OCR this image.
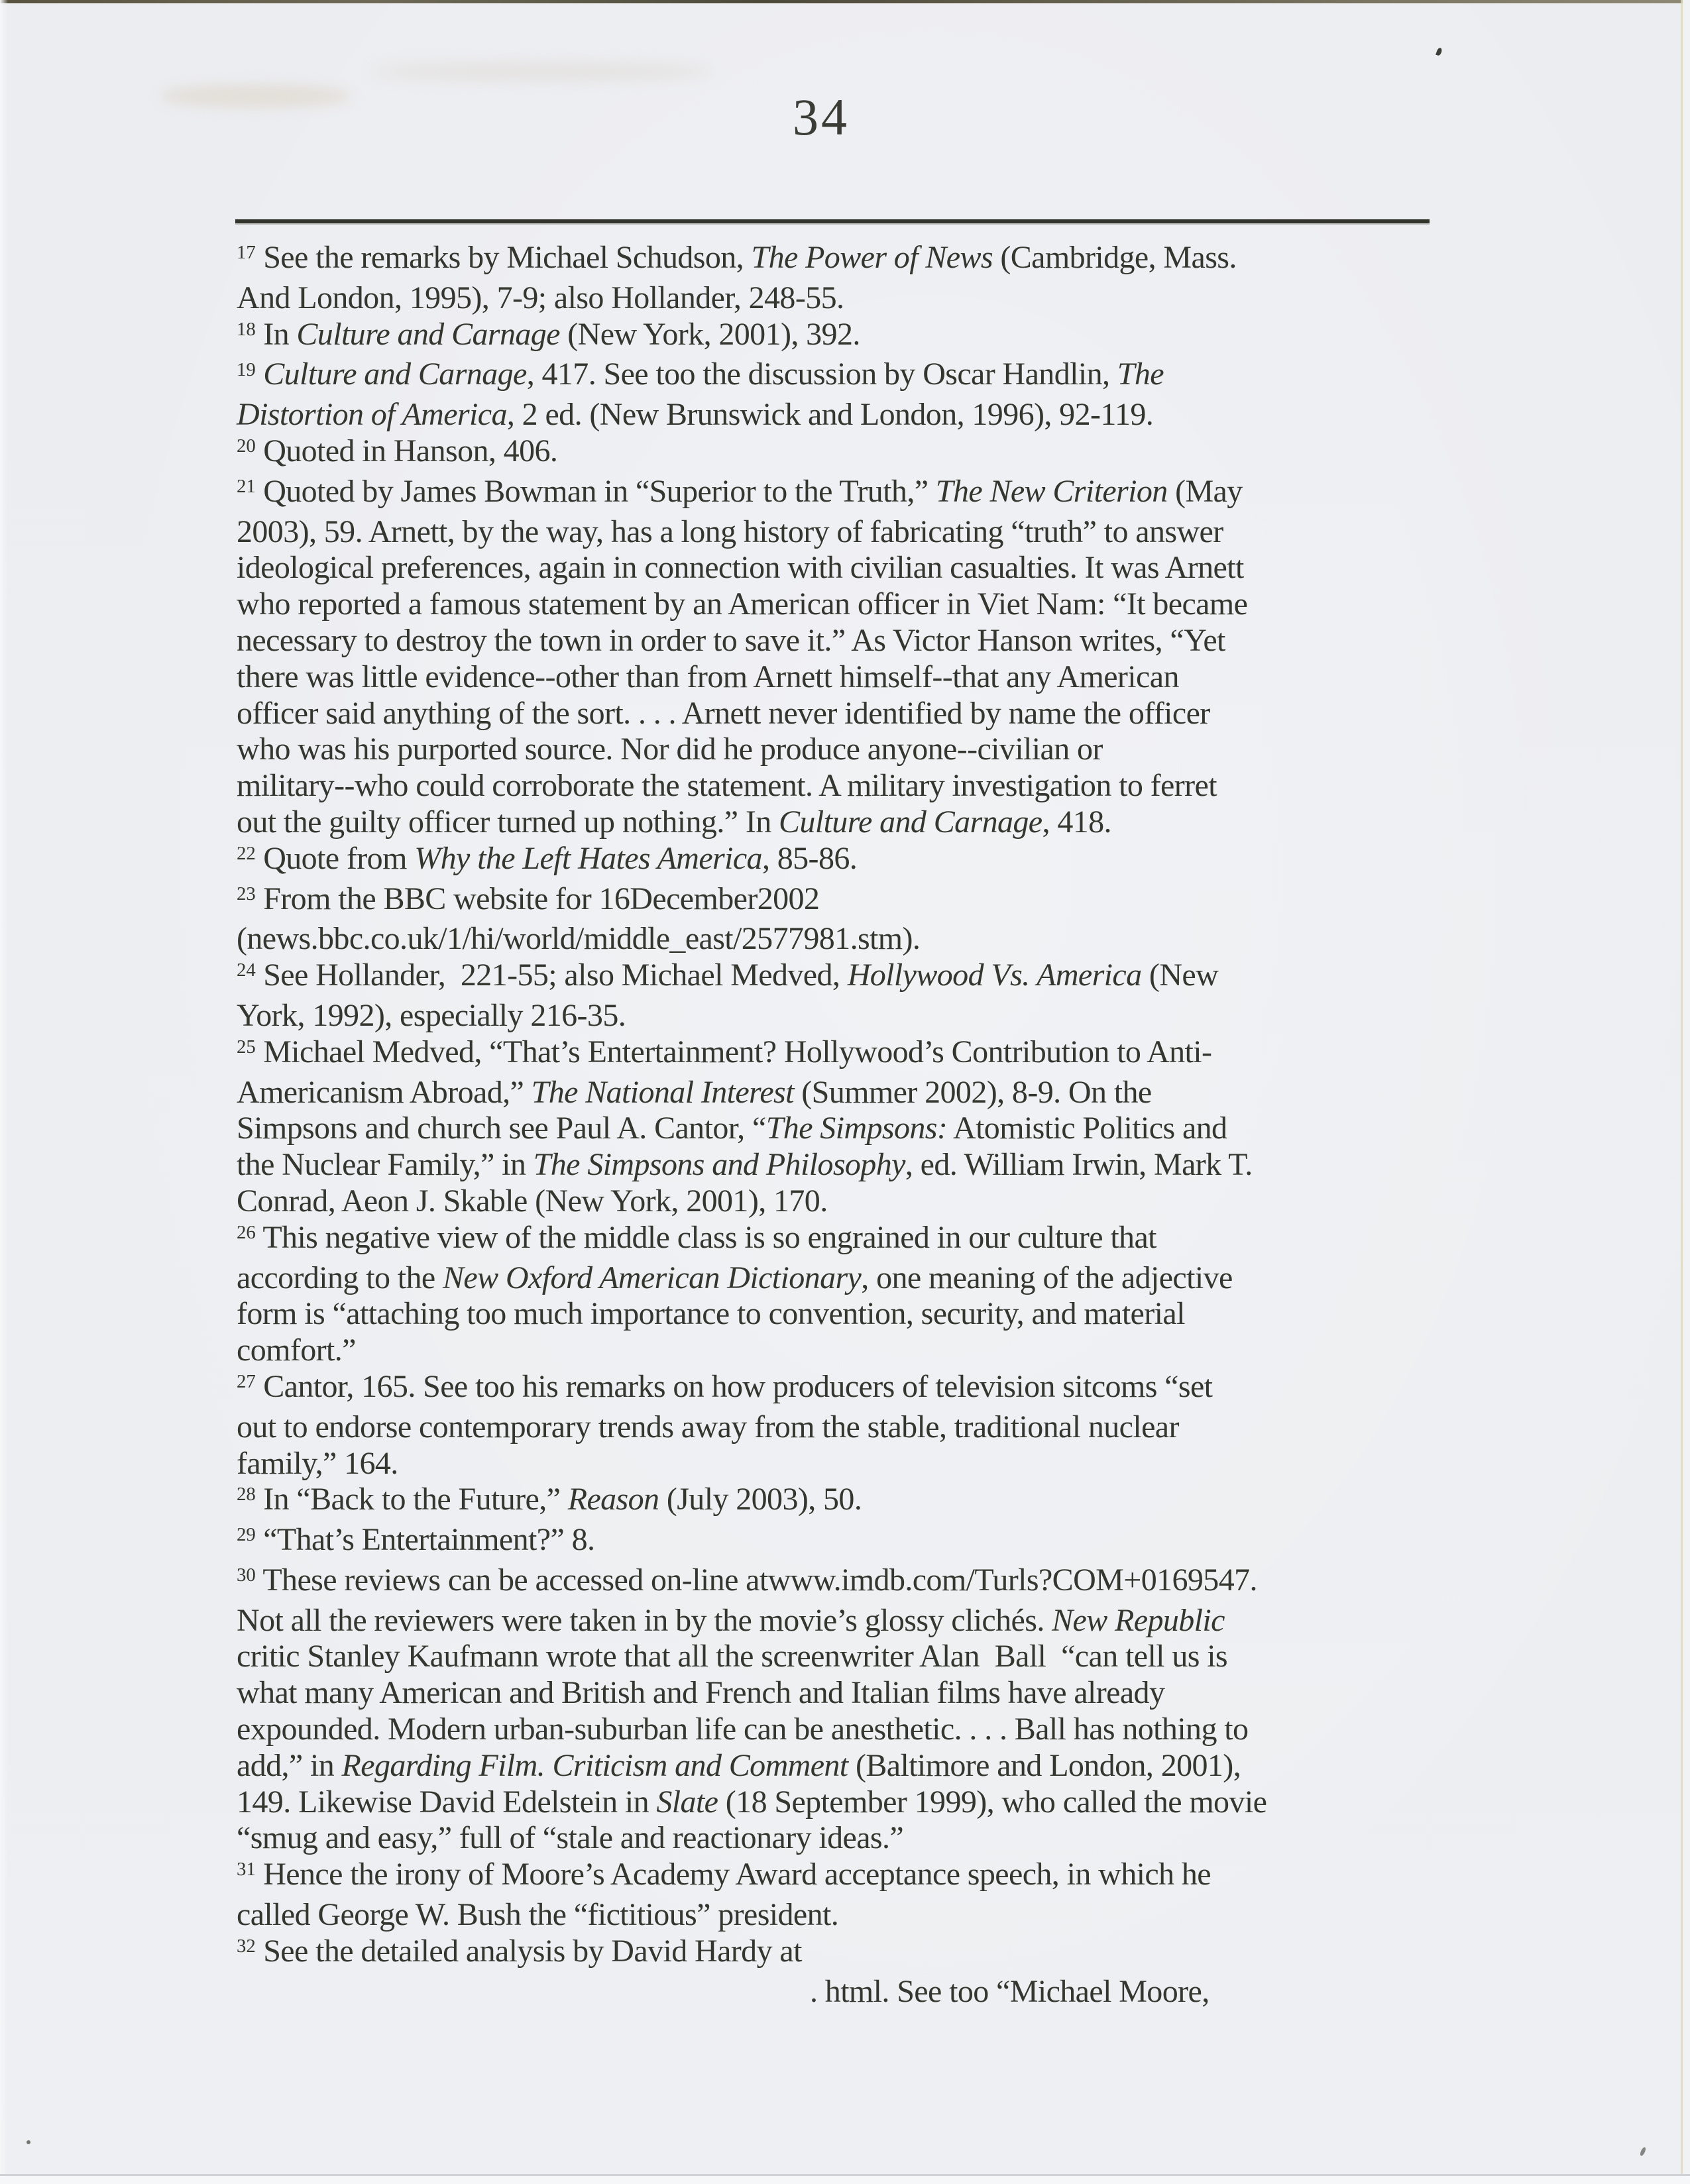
34
$^{17}$ See the remarks by Michael Schudson, The Power of News (Cambridge, Mass.
And London, 1995), 7-9; also Hollander, 248-55.
$^{18}$ In Culture and Carnage (New York, 2001), 392.
$^{19}$ Culture and Carnage, 417. See too the discussion by Oscar Handlin, The
Distortion of America, 2 ed. (New Brunswick and London, 1996), 92-119.
$^{20}$ Quoted in Hanson, 406.
$^{21}$ Quoted by James Bowman in “Superior to the Truth,” The New Criterion (May
2003), 59. Arnett, by the way, has a long history of fabricating “truth” to answer
ideological preferences, again in connection with civilian casualties. It was Arnett
who reported a famous statement by an American officer in Viet Nam: “It became
necessary to destroy the town in order to save it.” As Victor Hanson writes, “Yet
there was little evidence--other than from Arnett himself--that any American
officer said anything of the sort. . . . Arnett never identified by name the officer
who was his purported source. Nor did he produce anyone--civilian or
military--who could corroborate the statement. A military investigation to ferret
out the guilty officer turned up nothing.” In Culture and Carnage, 418.
$^{22}$ Quote from Why the Left Hates America, 85-86.
$^{23}$ From the BBC website for 16December2002
(news.bbc.co.uk/1/hi/world/middle_east/2577981.stm).
$^{24}$ See Hollander,  221-55; also Michael Medved, Hollywood Vs. America (New
York, 1992), especially 216-35.
$^{25}$ Michael Medved, “That’s Entertainment? Hollywood’s Contribution to Anti-
Americanism Abroad,” The National Interest (Summer 2002), 8-9. On the
Simpsons and church see Paul A. Cantor, “The Simpsons: Atomistic Politics and
the Nuclear Family,” in The Simpsons and Philosophy, ed. William Irwin, Mark T.
Conrad, Aeon J. Skable (New York, 2001), 170.
$^{26}$ This negative view of the middle class is so engrained in our culture that
according to the New Oxford American Dictionary, one meaning of the adjective
form is “attaching too much importance to convention, security, and material
comfort.”
$^{27}$ Cantor, 165. See too his remarks on how producers of television sitcoms “set
out to endorse contemporary trends away from the stable, traditional nuclear
family,” 164.
$^{28}$ In “Back to the Future,” Reason (July 2003), 50.
$^{29}$ “That’s Entertainment?” 8.
$^{30}$ These reviews can be accessed on-line atwww.imdb.com/Turls?COM+0169547.
Not all the reviewers were taken in by the movie’s glossy clichés. New Republic
critic Stanley Kaufmann wrote that all the screenwriter Alan  Ball  “can tell us is
what many American and British and French and Italian films have already
expounded. Modern urban-suburban life can be anesthetic. . . . Ball has nothing to
add,” in Regarding Film. Criticism and Comment (Baltimore and London, 2001),
149. Likewise David Edelstein in Slate (18 September 1999), who called the movie
“smug and easy,” full of “stale and reactionary ideas.”
$^{31}$ Hence the irony of Moore’s Academy Award acceptance speech, in which he
called George W. Bush the “fictitious” president.
$^{32}$ See the detailed analysis by David Hardy at
. html. See too “Michael Moore,
